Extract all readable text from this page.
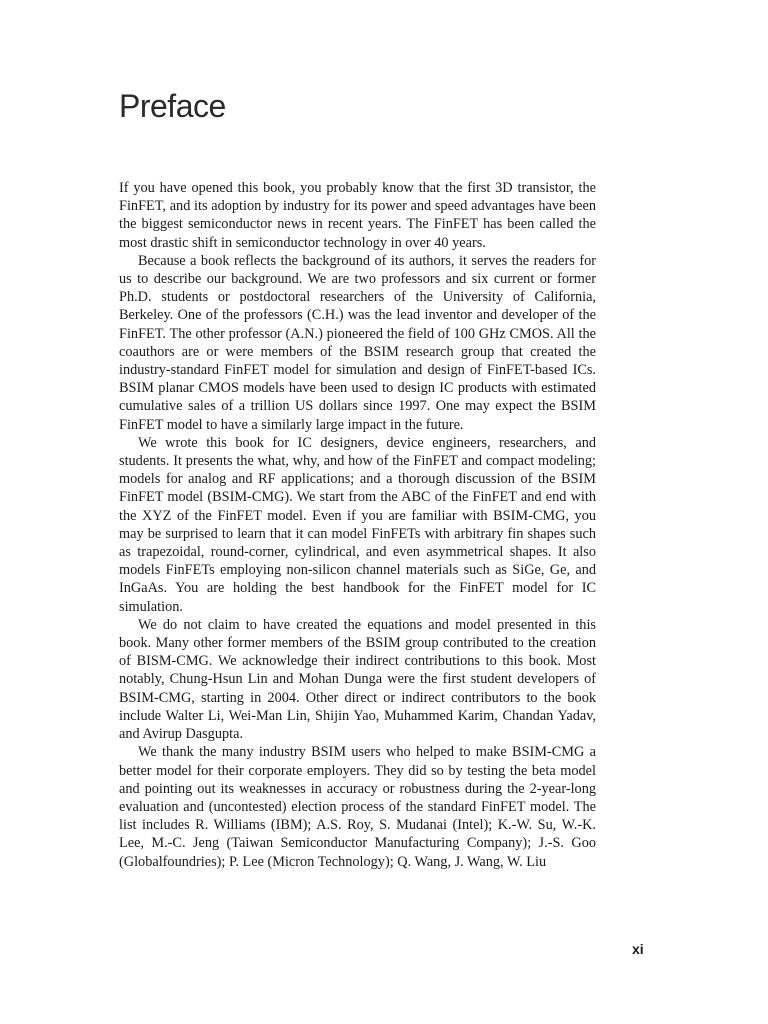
Preface

If you have opened this book, you probably know that the first 3D transistor, the FinFET, and its adoption by industry for its power and speed advantages have been the biggest semiconductor news in recent years. The FinFET has been called the most drastic shift in semiconductor technology in over 40 years.

Because a book reflects the background of its authors, it serves the readers for us to describe our background. We are two professors and six current or former Ph.D. students or postdoctoral researchers of the University of California, Berkeley. One of the professors (C.H.) was the lead inventor and developer of the FinFET. The other professor (A.N.) pioneered the field of 100 GHz CMOS. All the coauthors are or were members of the BSIM research group that created the industry-standard FinFET model for simulation and design of FinFET-based ICs. BSIM planar CMOS models have been used to design IC products with estimated cumulative sales of a trillion US dollars since 1997. One may expect the BSIM FinFET model to have a similarly large impact in the future.

We wrote this book for IC designers, device engineers, researchers, and students. It presents the what, why, and how of the FinFET and compact modeling; models for analog and RF applications; and a thorough discussion of the BSIM FinFET model (BSIM-CMG). We start from the ABC of the FinFET and end with the XYZ of the FinFET model. Even if you are familiar with BSIM-CMG, you may be surprised to learn that it can model FinFETs with arbitrary fin shapes such as trapezoidal, round-corner, cylindrical, and even asymmetrical shapes. It also models FinFETs employing non-silicon channel materials such as SiGe, Ge, and InGaAs. You are holding the best handbook for the FinFET model for IC simulation.

We do not claim to have created the equations and model presented in this book. Many other former members of the BSIM group contributed to the creation of BISM-CMG. We acknowledge their indirect contributions to this book. Most notably, Chung-Hsun Lin and Mohan Dunga were the first student developers of BSIM-CMG, starting in 2004. Other direct or indirect contributors to the book include Walter Li, Wei-Man Lin, Shijin Yao, Muhammed Karim, Chandan Yadav, and Avirup Dasgupta.

We thank the many industry BSIM users who helped to make BSIM-CMG a better model for their corporate employers. They did so by testing the beta model and pointing out its weaknesses in accuracy or robustness during the 2-year-long evaluation and (uncontested) election process of the standard FinFET model. The list includes R. Williams (IBM); A.S. Roy, S. Mudanai (Intel); K.-W. Su, W.-K. Lee, M.-C. Jeng (Taiwan Semiconductor Manufacturing Company); J.-S. Goo (Globalfoundries); P. Lee (Micron Technology); Q. Wang, J. Wang, W. Liu

xi
